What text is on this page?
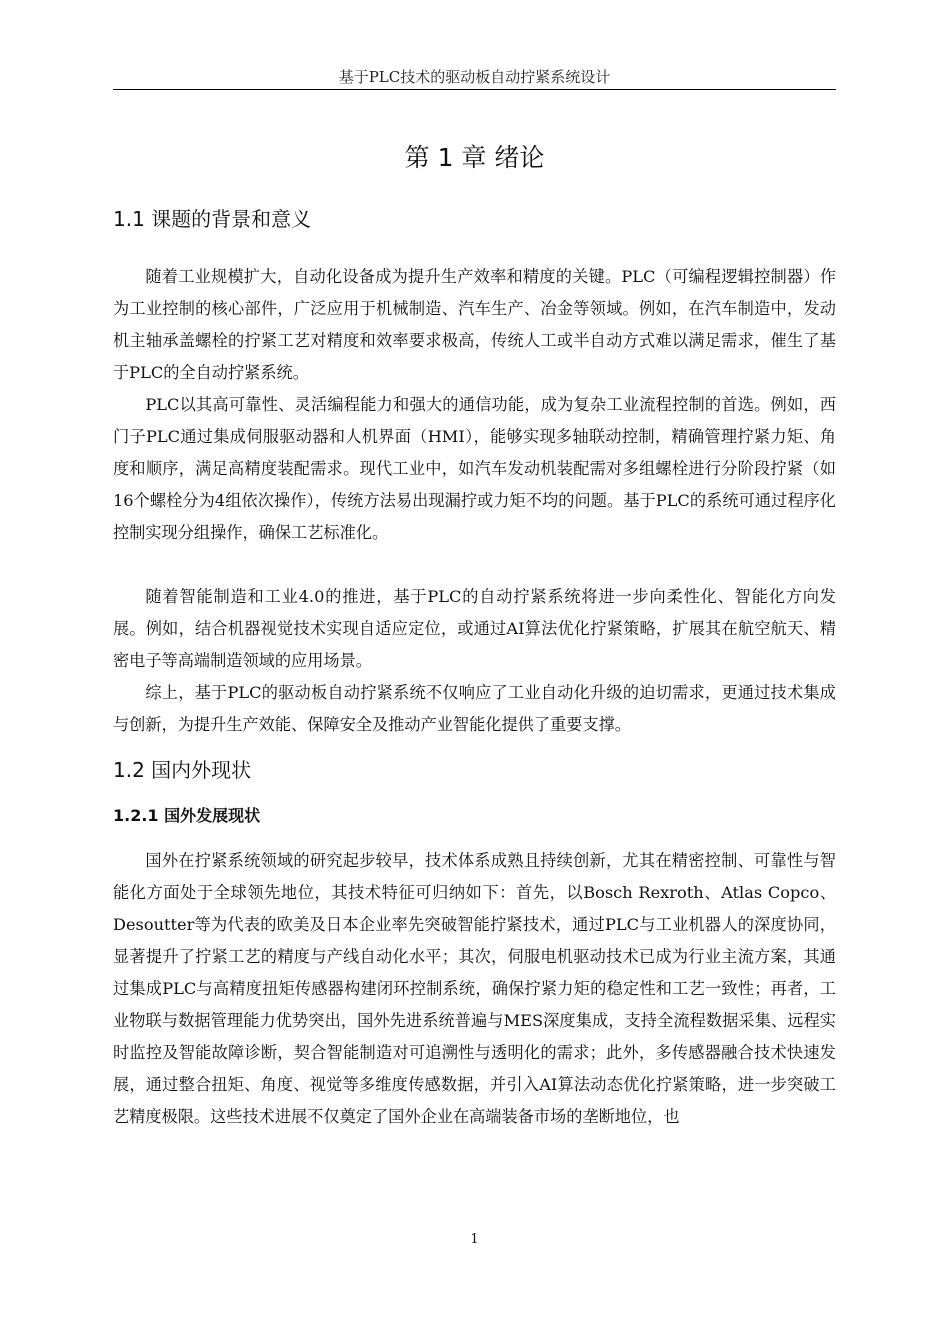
基于PLC技术的驱动板自动拧紧系统设计
第 1 章 绪论
1.1 课题的背景和意义

随着工业规模扩大，自动化设备成为提升生产效率和精度的关键。PLC（可编程逻辑控制器）作为工业控制的核心部件，广泛应用于机械制造、汽车生产、冶金等领域。例如，在汽车制造中，发动机主轴承盖螺栓的拧紧工艺对精度和效率要求极高，传统人工或半自动方式难以满足需求，催生了基于PLC的全自动拧紧系统。

PLC以其高可靠性、灵活编程能力和强大的通信功能，成为复杂工业流程控制的首选。例如，西门子PLC通过集成伺服驱动器和人机界面（HMI），能够实现多轴联动控制，精确管理拧紧力矩、角度和顺序，满足高精度装配需求。现代工业中，如汽车发动机装配需对多组螺栓进行分阶段拧紧（如16个螺栓分为4组依次操作），传统方法易出现漏拧或力矩不均的问题。基于PLC的系统可通过程序化控制实现分组操作，确保工艺标准化。

随着智能制造和工业4.0的推进，基于PLC的自动拧紧系统将进一步向柔性化、智能化方向发展。例如，结合机器视觉技术实现自适应定位，或通过AI算法优化拧紧策略，扩展其在航空航天、精密电子等高端制造领域的应用场景。

综上，基于PLC的驱动板自动拧紧系统不仅响应了工业自动化升级的迫切需求，更通过技术集成与创新，为提升生产效能、保障安全及推动产业智能化提供了重要支撑。

1.2 国内外现状
1.2.1 国外发展现状

国外在拧紧系统领域的研究起步较早，技术体系成熟且持续创新，尤其在精密控制、可靠性与智能化方面处于全球领先地位，其技术特征可归纳如下：首先，以Bosch Rexroth、Atlas Copco、Desoutter等为代表的欧美及日本企业率先突破智能拧紧技术，通过PLC与工业机器人的深度协同，显著提升了拧紧工艺的精度与产线自动化水平；其次，伺服电机驱动技术已成为行业主流方案，其通过集成PLC与高精度扭矩传感器构建闭环控制系统，确保拧紧力矩的稳定性和工艺一致性；再者，工业物联与数据管理能力优势突出，国外先进系统普遍与MES深度集成，支持全流程数据采集、远程实时监控及智能故障诊断，契合智能制造对可追溯性与透明化的需求；此外，多传感器融合技术快速发展，通过整合扭矩、角度、视觉等多维度传感数据，并引入AI算法动态优化拧紧策略，进一步突破工艺精度极限。这些技术进展不仅奠定了国外企业在高端装备市场的垄断地位，也

1
